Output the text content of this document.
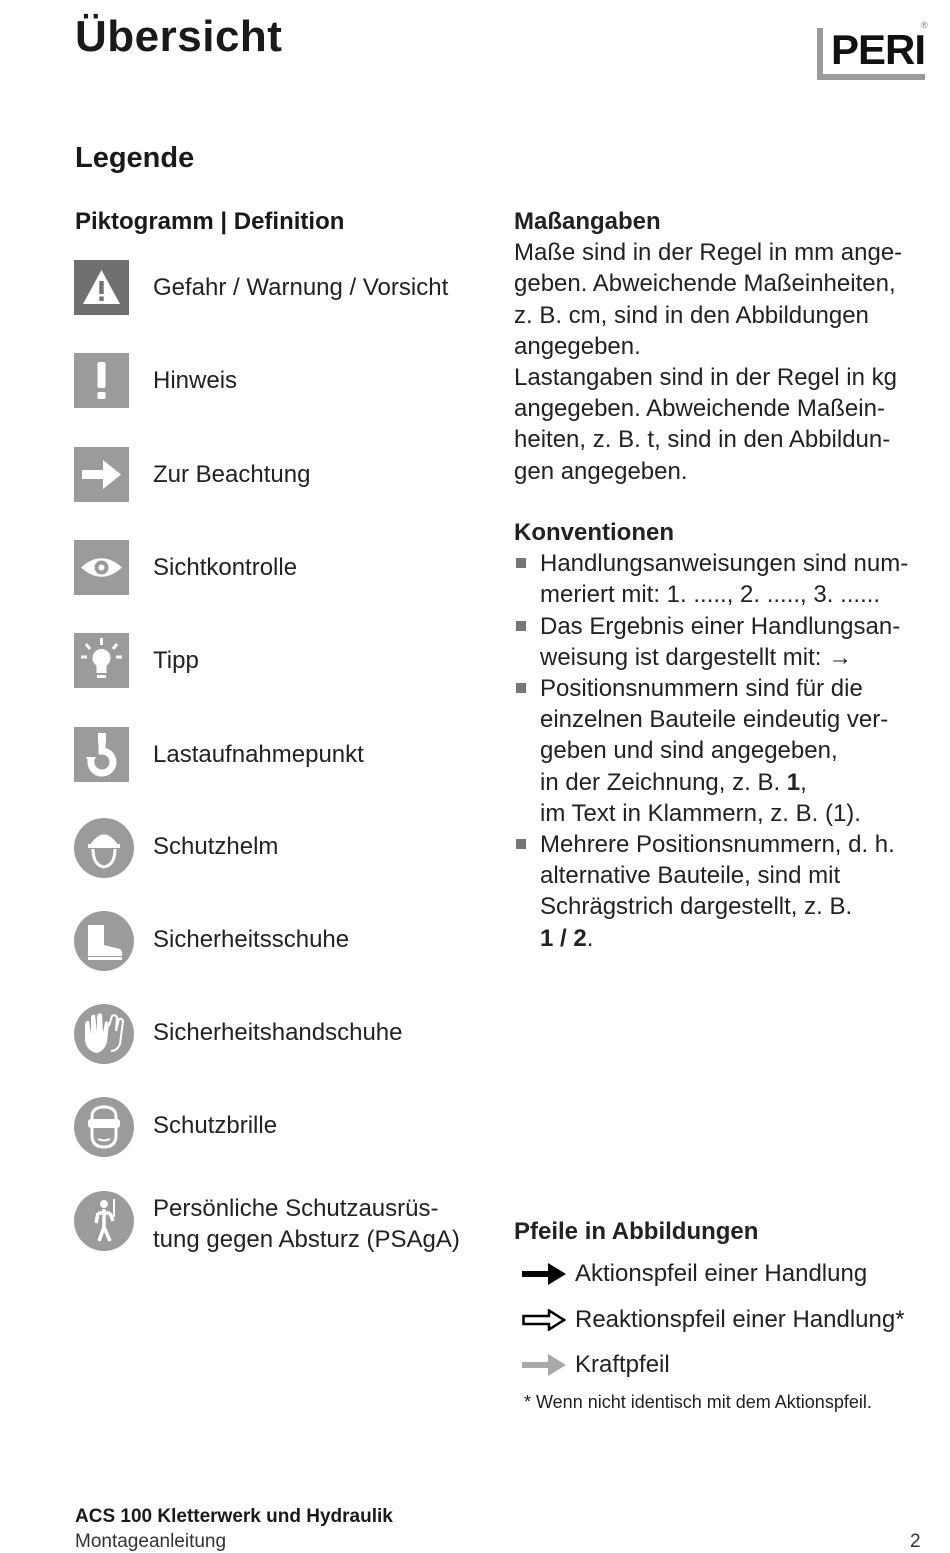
Übersicht	PERI
®
Legende
Piktogramm | Definition
Gefahr / Warnung / Vorsicht
Hinweis
Zur Beachtung
Sichtkontrolle
Tipp
Lastaufnahmepunkt
Schutzhelm
Sicherheitsschuhe
Sicherheitshandschuhe
Schutzbrille
Persönliche Schutzausrüs-
tung gegen Absturz (PSAgA)
Maßangaben
Maße sind in der Regel in mm ange-
geben. Abweichende Maßeinheiten,
z. B. cm, sind in den Abbildungen
angegeben.
Lastangaben sind in der Regel in kg
angegeben. Abweichende Maßein-
heiten, z. B. t, sind in den Abbildun-
gen angegeben.
Konventionen
Handlungsanweisungen sind num-
meriert mit: 1. ....., 2. ....., 3. ......
Das Ergebnis einer Handlungsan-
weisung ist dargestellt mit: →
Positionsnummern sind für die
einzelnen Bauteile eindeutig ver-
geben und sind angegeben,
in der Zeichnung, z. B. 1,
im Text in Klammern, z. B. (1).
Mehrere Positionsnummern, d. h.
alternative Bauteile, sind mit
Schrägstrich dargestellt, z. B.
1 / 2.
Pfeile in Abbildungen
Aktionspfeil einer Handlung
→ Reaktionspfeil einer Handlung*
Kraftpfeil
* Wenn nicht identisch mit dem Aktionspfeil.
ACS 100 Kletterwerk und Hydraulik
Montageanleitung	2
